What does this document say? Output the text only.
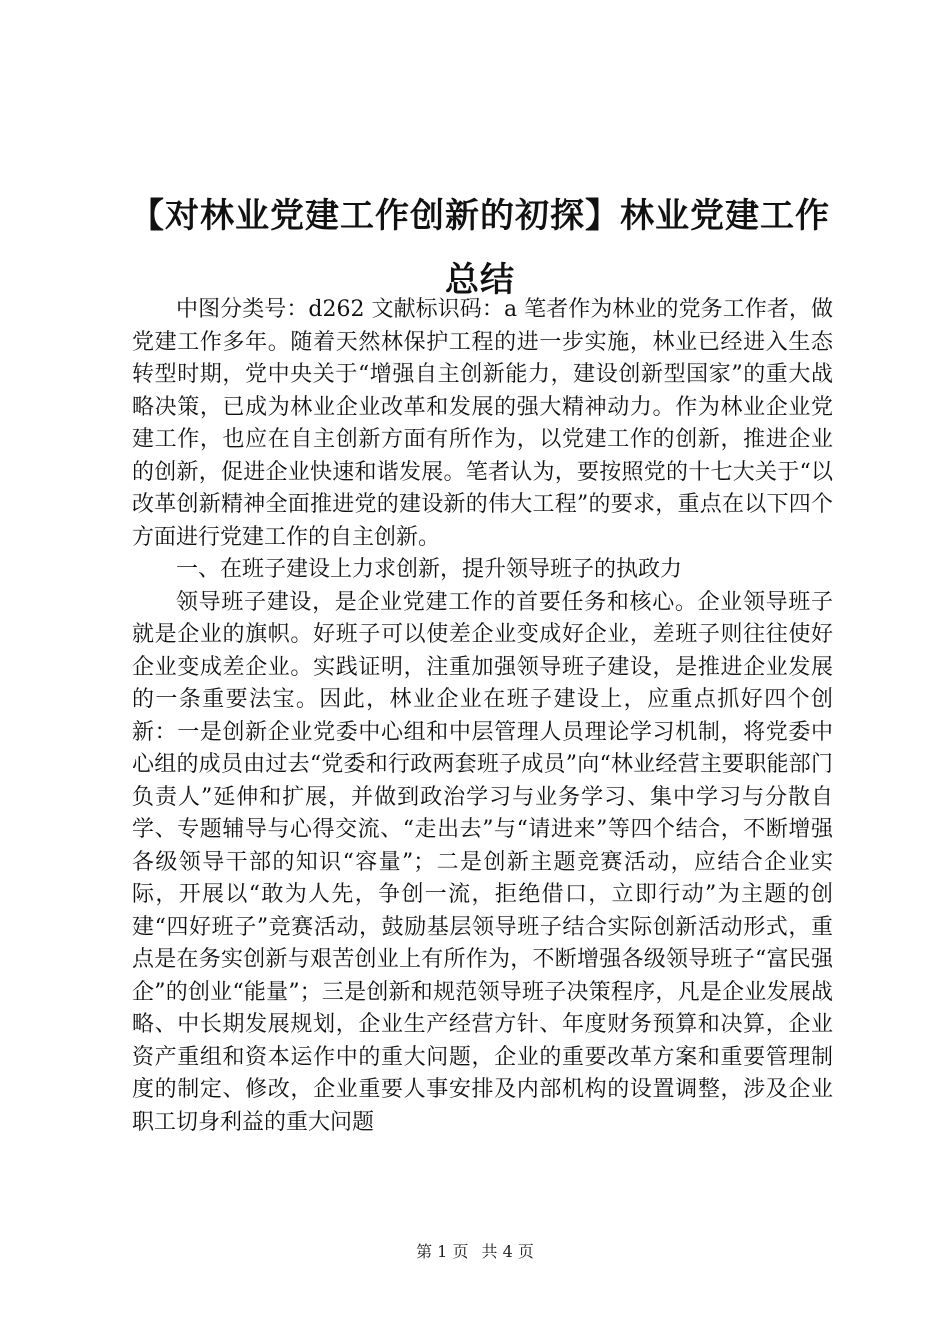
【对林业党建工作创新的初探】林业党建工作总结

中图分类号：d262 文献标识码：a 笔者作为林业的党务工作者，做党建工作多年。随着天然林保护工程的进一步实施，林业已经进入生态转型时期，党中央关于“增强自主创新能力，建设创新型国家”的重大战略决策，已成为林业企业改革和发展的强大精神动力。作为林业企业党建工作，也应在自主创新方面有所作为，以党建工作的创新，推进企业的创新，促进企业快速和谐发展。笔者认为，要按照党的十七大关于“以改革创新精神全面推进党的建设新的伟大工程”的要求，重点在以下四个方面进行党建工作的自主创新。

一、在班子建设上力求创新，提升领导班子的执政力

领导班子建设，是企业党建工作的首要任务和核心。企业领导班子就是企业的旗帜。好班子可以使差企业变成好企业，差班子则往往使好企业变成差企业。实践证明，注重加强领导班子建设，是推进企业发展的一条重要法宝。因此，林业企业在班子建设上，应重点抓好四个创新：一是创新企业党委中心组和中层管理人员理论学习机制，将党委中心组的成员由过去“党委和行政两套班子成员”向“林业经营主要职能部门负责人”延伸和扩展，并做到政治学习与业务学习、集中学习与分散自学、专题辅导与心得交流、“走出去”与“请进来”等四个结合，不断增强各级领导干部的知识“容量”；二是创新主题竞赛活动，应结合企业实际，开展以“敢为人先，争创一流，拒绝借口，立即行动”为主题的创建“四好班子”竞赛活动，鼓励基层领导班子结合实际创新活动形式，重点是在务实创新与艰苦创业上有所作为，不断增强各级领导班子“富民强企”的创业“能量”；三是创新和规范领导班子决策程序，凡是企业发展战略、中长期发展规划，企业生产经营方针、年度财务预算和决算，企业资产重组和资本运作中的重大问题，企业的重要改革方案和重要管理制度的制定、修改，企业重要人事安排及内部机构的设置调整，涉及企业职工切身利益的重大问题

第 1 页 共 4 页
